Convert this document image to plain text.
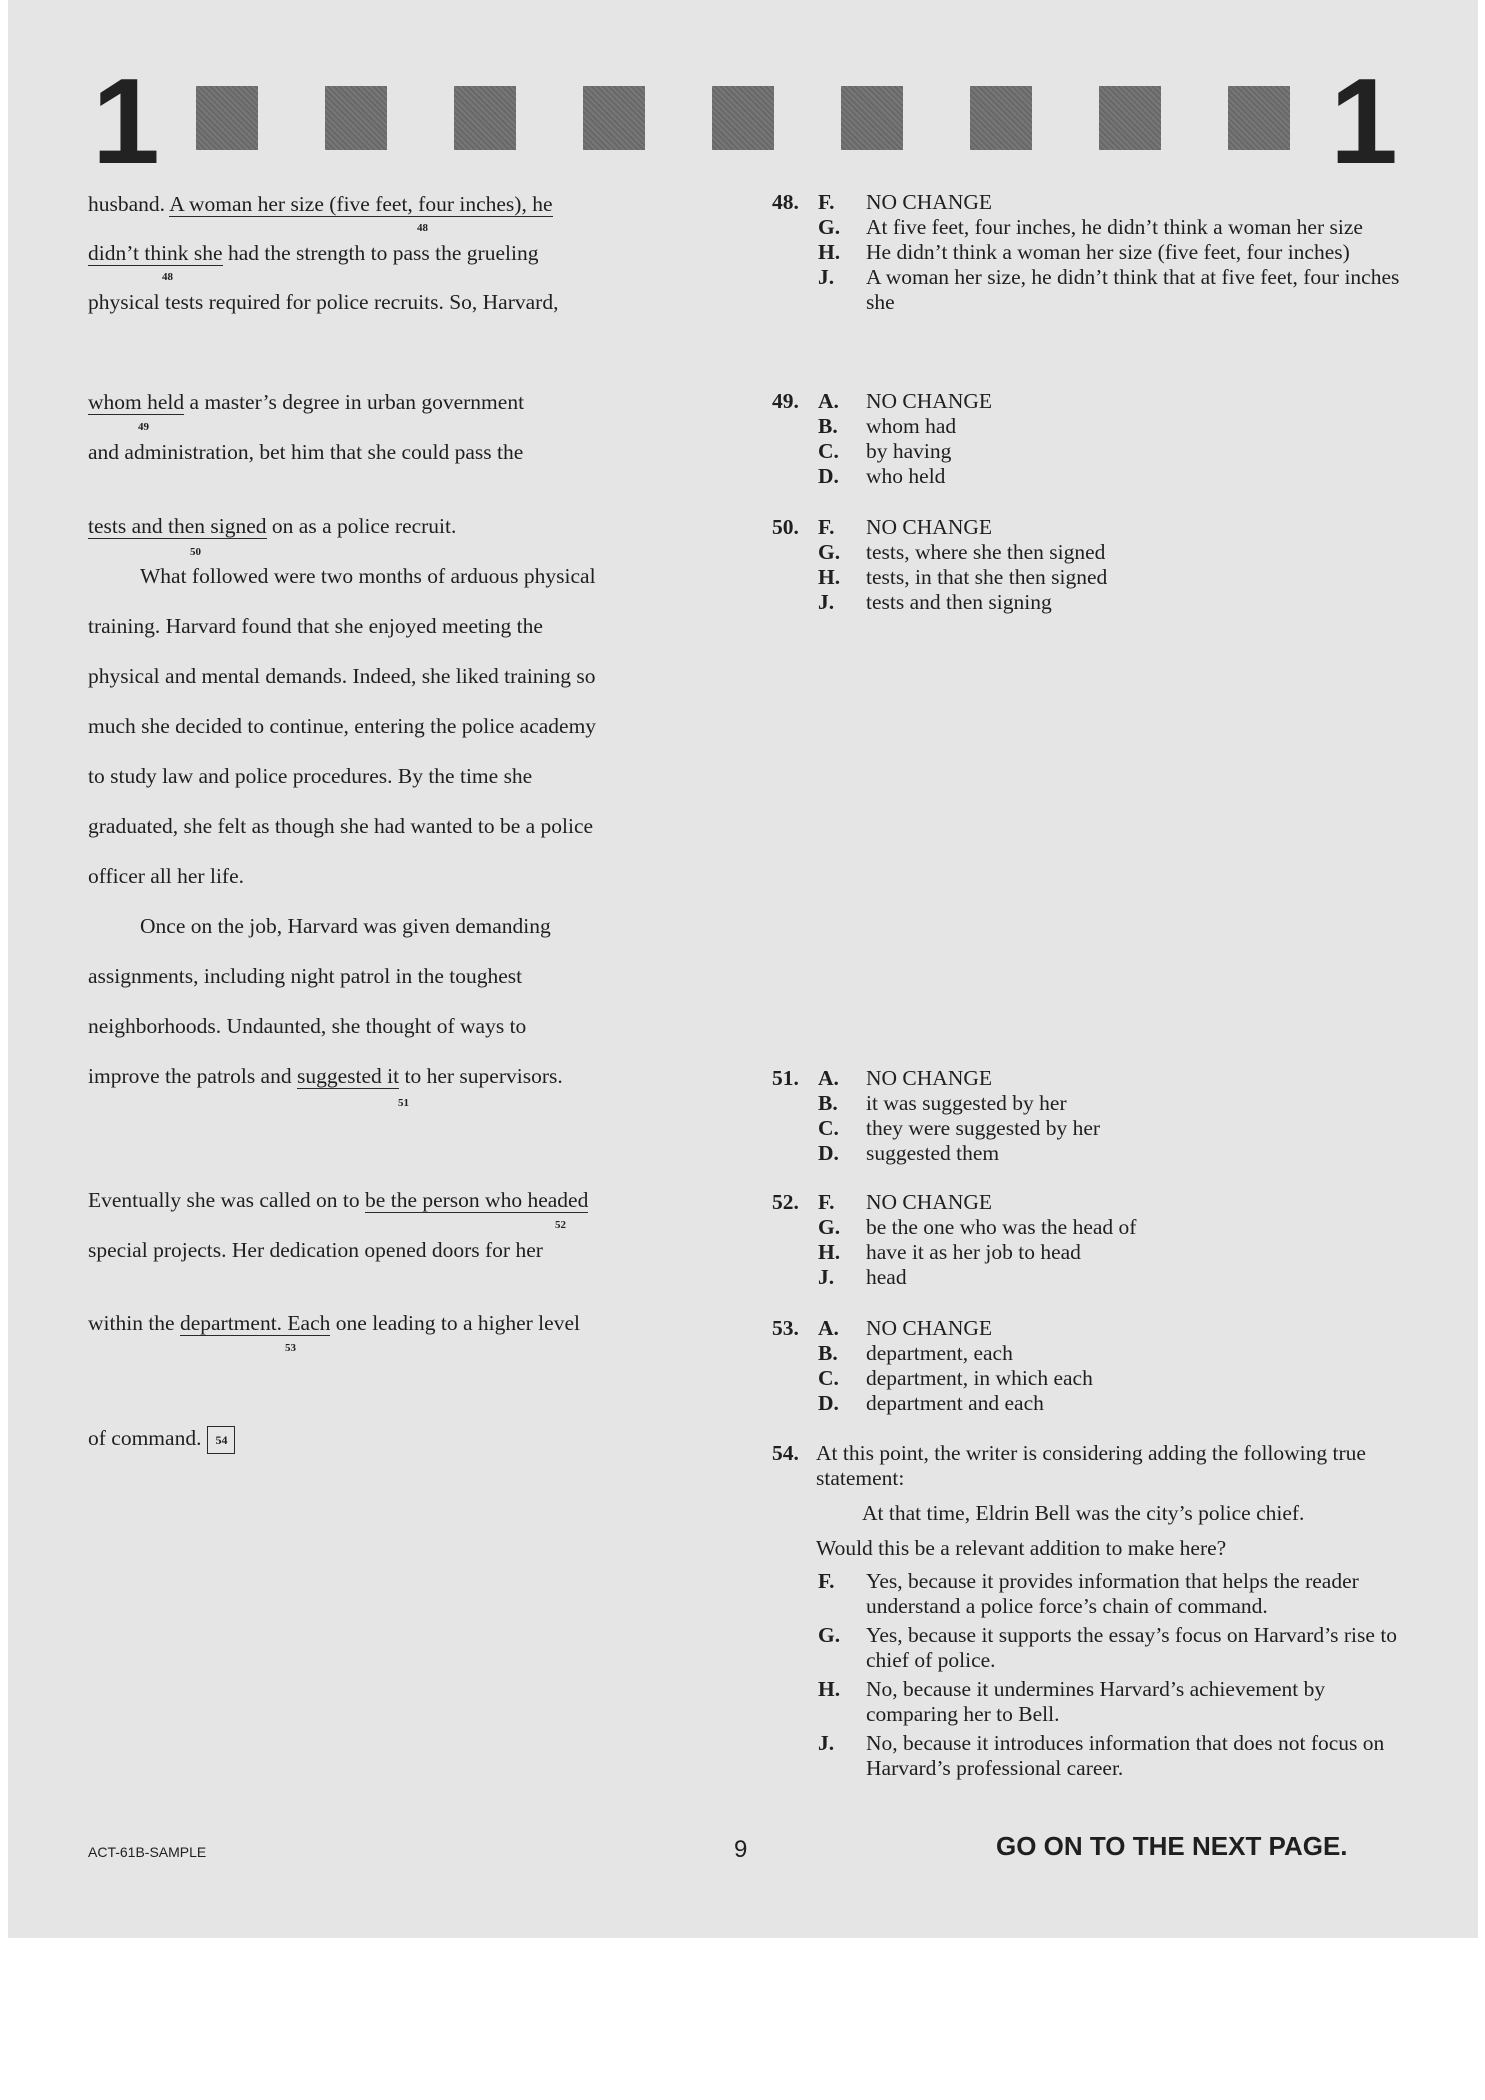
1	1
husband. A woman her size (five feet, four inches), he
48
didn’t think she had the strength to pass the grueling
48
physical tests required for police recruits. So, Harvard,
whom held a master’s degree in urban government
49
and administration, bet him that she could pass the
tests and then signed on as a police recruit.
50
What followed were two months of arduous physical
training. Harvard found that she enjoyed meeting the
physical and mental demands. Indeed, she liked training so
much she decided to continue, entering the police academy
to study law and police procedures. By the time she
graduated, she felt as though she had wanted to be a police
officer all her life.
Once on the job, Harvard was given demanding
assignments, including night patrol in the toughest
neighborhoods. Undaunted, she thought of ways to
improve the patrols and suggested it to her supervisors.
51
Eventually she was called on to be the person who headed
52
special projects. Her dedication opened doors for her
within the department. Each one leading to a higher level
53
of command. 54
48. F. NO CHANGE
G. At five feet, four inches, he didn’t think a woman her size
H. He didn’t think a woman her size (five feet, four inches)
J. A woman her size, he didn’t think that at five feet, four inches she
49. A. NO CHANGE
B. whom had
C. by having
D. who held
50. F. NO CHANGE
G. tests, where she then signed
H. tests, in that she then signed
J. tests and then signing
51. A. NO CHANGE
B. it was suggested by her
C. they were suggested by her
D. suggested them
52. F. NO CHANGE
G. be the one who was the head of
H. have it as her job to head
J. head
53. A. NO CHANGE
B. department, each
C. department, in which each
D. department and each
54. At this point, the writer is considering adding the following true statement:
At that time, Eldrin Bell was the city’s police chief.
Would this be a relevant addition to make here?
F. Yes, because it provides information that helps the reader understand a police force’s chain of command.
G. Yes, because it supports the essay’s focus on Harvard’s rise to chief of police.
H. No, because it undermines Harvard’s achievement by comparing her to Bell.
J. No, because it introduces information that does not focus on Harvard’s professional career.
ACT-61B-SAMPLE	9	GO ON TO THE NEXT PAGE.
